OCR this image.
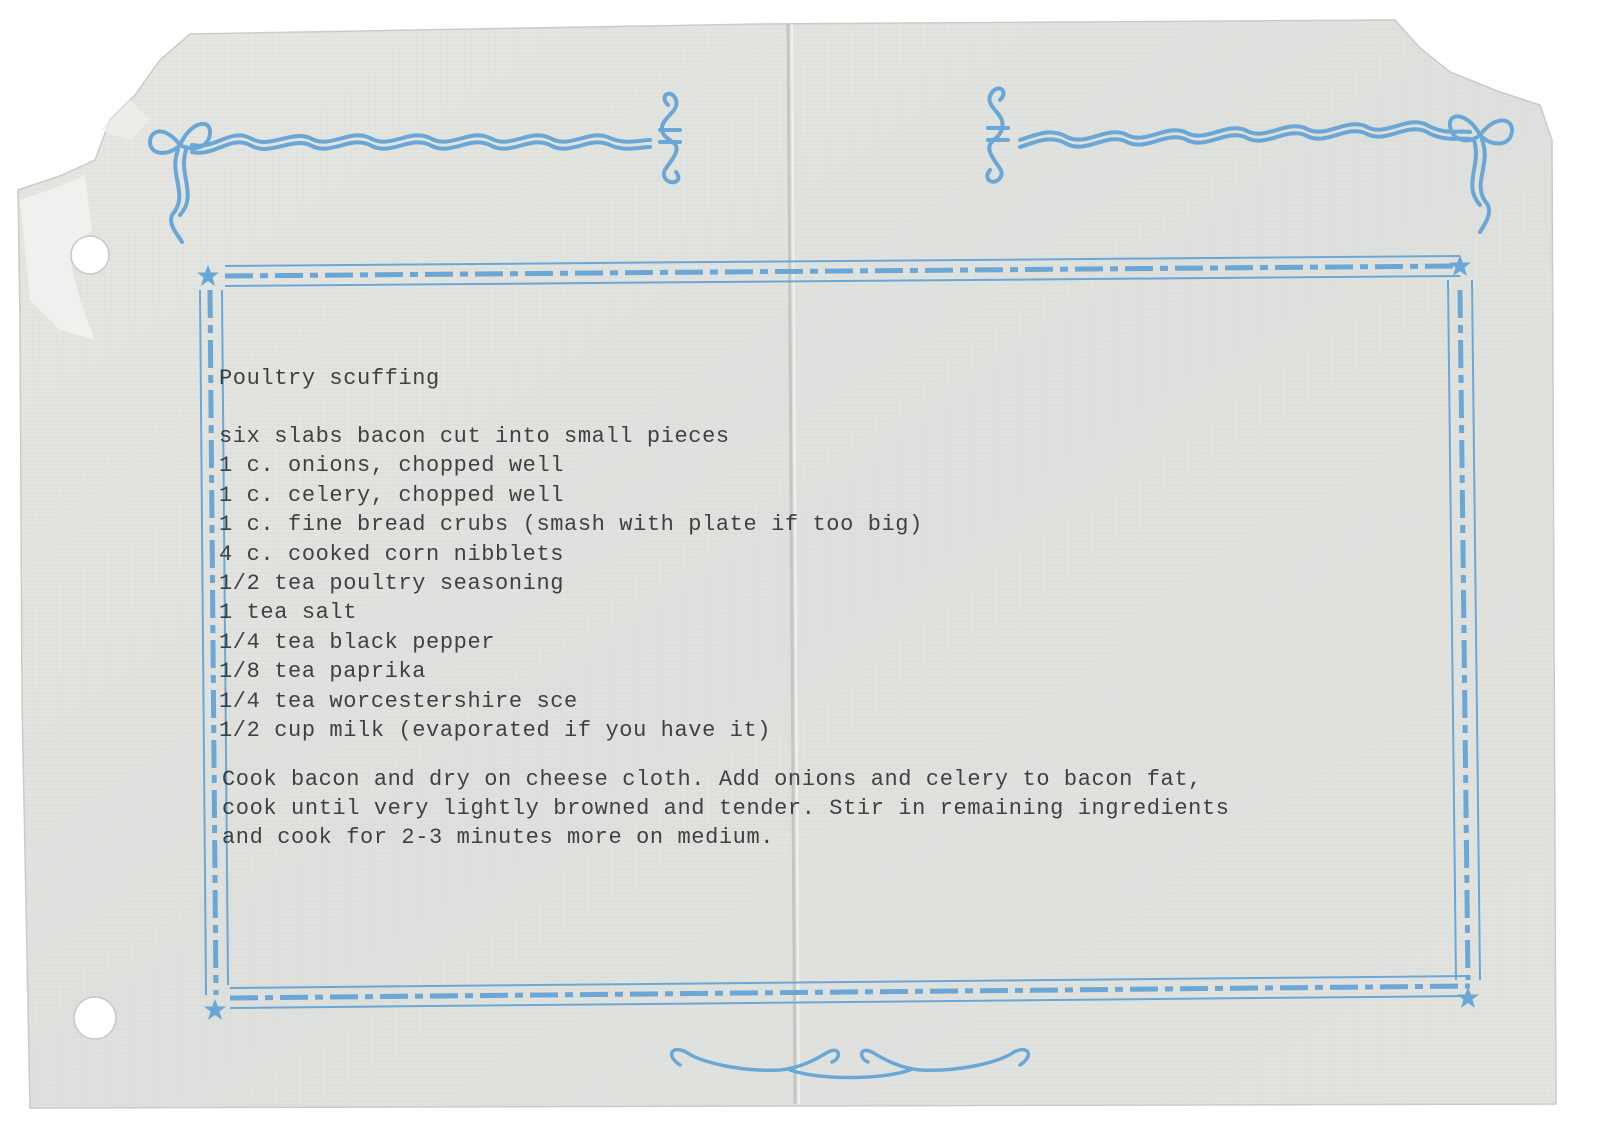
Poultry scuffing

six slabs bacon cut into small pieces
1 c. onions, chopped well
1 c. celery, chopped well
1 c. fine bread crubs (smash with plate if too big)
4 c. cooked corn nibblets
1/2 tea poultry seasoning
1 tea salt
1/4 tea black pepper
1/8 tea paprika
1/4 tea worcestershire sce
1/2 cup milk (evaporated if you have it)
Cook bacon and dry on cheese cloth. Add onions and celery to bacon fat,
cook until very lightly browned and tender. Stir in remaining ingredients
and cook for 2-3 minutes more on medium.
